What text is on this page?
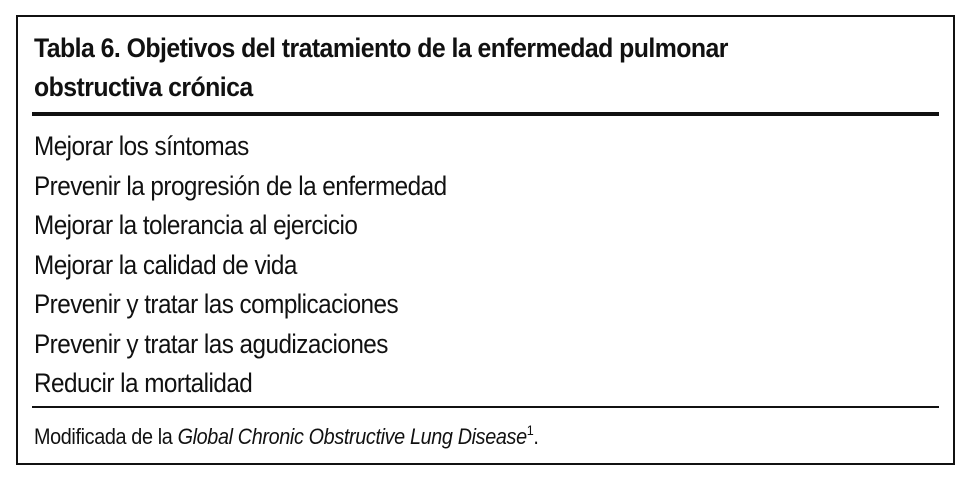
Tabla 6. Objetivos del tratamiento de la enfermedad pulmonar obstructiva crónica
Mejorar los síntomas
Prevenir la progresión de la enfermedad
Mejorar la tolerancia al ejercicio
Mejorar la calidad de vida
Prevenir y tratar las complicaciones
Prevenir y tratar las agudizaciones
Reducir la mortalidad

Modificada de la Global Chronic Obstructive Lung Disease$^1$.
